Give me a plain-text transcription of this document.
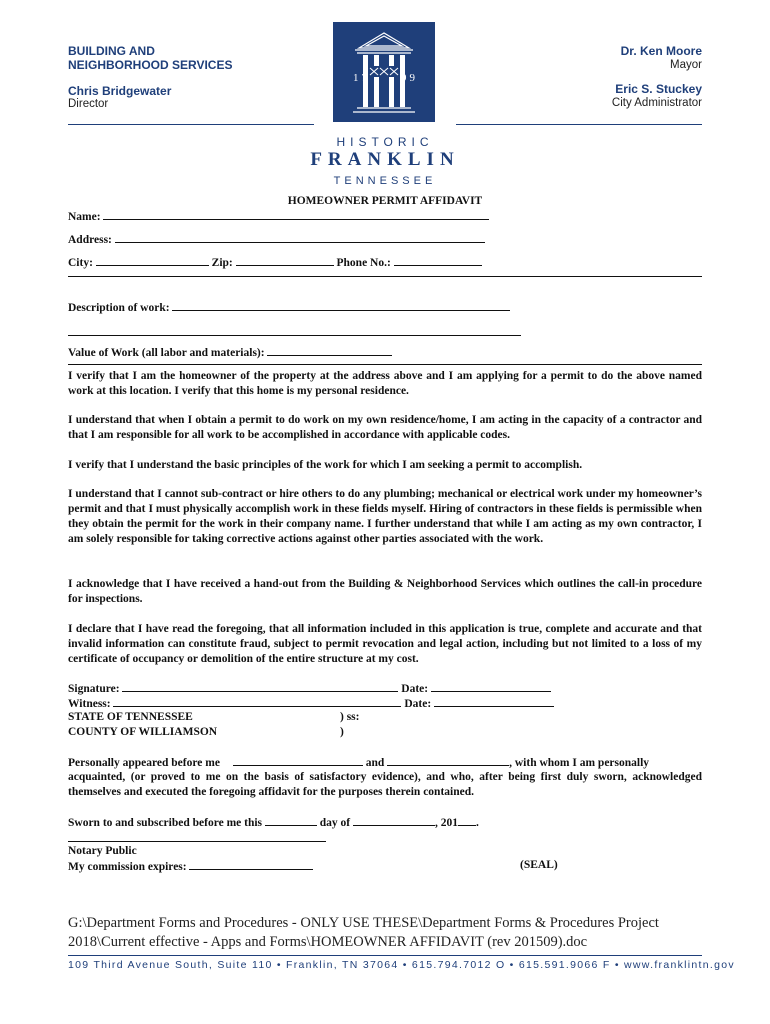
BUILDING AND
NEIGHBORHOOD SERVICES
Chris Bridgewater
Director
Dr. Ken Moore
Mayor
Eric S. Stuckey
City Administrator
17	99
HISTORIC
FRANKLIN
TENNESSEE
HOMEOWNER PERMIT AFFIDAVIT
Name:
Address:
City:	Zip:	Phone No.:
Description of work:
Value of Work (all labor and materials):
I verify that I am the homeowner of the property at the address above and I am applying for a permit to do the above named work at this location. I verify that this home is my personal residence.
I understand that when I obtain a permit to do work on my own residence/home, I am acting in the capacity of a contractor and that I am responsible for all work to be accomplished in accordance with applicable codes.
I verify that I understand the basic principles of the work for which I am seeking a permit to accomplish.
I understand that I cannot sub-contract or hire others to do any plumbing; mechanical or electrical work under my homeowner’s permit and that I must physically accomplish work in these fields myself. Hiring of contractors in these fields is permissible when they obtain the permit for the work in their company name. I further understand that while I am acting as my own contractor, I am solely responsible for taking corrective actions against other parties associated with the work.
I acknowledge that I have received a hand-out from the Building & Neighborhood Services which outlines the call-in procedure for inspections.
I declare that I have read the foregoing, that all information included in this application is true, complete and accurate and that invalid information can constitute fraud, subject to permit revocation and legal action, including but not limited to a loss of my certificate of occupancy or demolition of the entire structure at my cost.
Signature:	Date:
Witness:	Date:
STATE OF TENNESSEE	) ss:
COUNTY OF WILLIAMSON	)
Personally appeared before me	and	, with whom I am personally
acquainted, (or proved to me on the basis of satisfactory evidence), and who, after being first duly sworn, acknowledged themselves and executed the foregoing affidavit for the purposes therein contained.
Sworn to and subscribed before me this	day of	, 201 .
Notary Public
My commission expires:	(SEAL)
G:\Department Forms and Procedures - ONLY USE THESE\Department Forms & Procedures Project 2018\Current effective - Apps and Forms\HOMEOWNER AFFIDAVIT (rev 201509).doc
109 Third Avenue South, Suite 110 • Franklin, TN 37064 • 615.794.7012 O • 615.591.9066 F • www.franklintn.gov
